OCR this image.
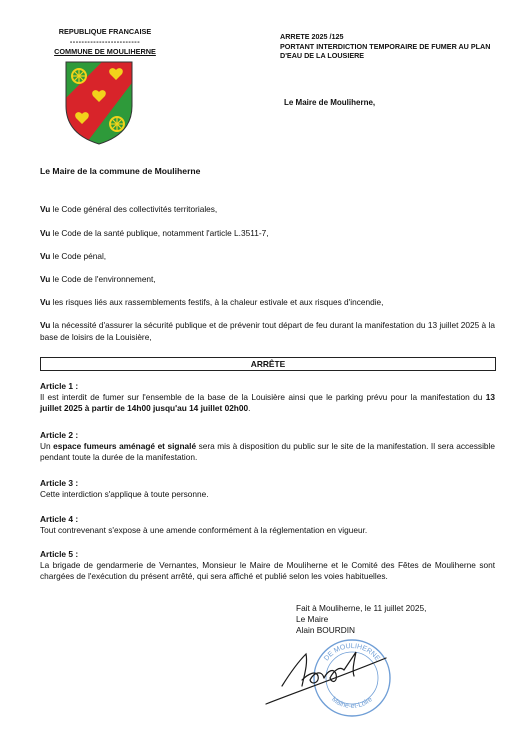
REPUBLIQUE FRANCAISE
------------------------
COMMUNE DE MOULIHERNE
ARRETE 2025 /125
PORTANT INTERDICTION TEMPORAIRE DE FUMER AU PLAN D'EAU DE LA LOUSIERE
Le Maire de Mouliherne,
Le Maire de la commune de Mouliherne
Vu le Code général des collectivités territoriales,
Vu le Code de la santé publique, notamment l'article L.3511-7,
Vu le Code pénal,
Vu le Code de l'environnement,
Vu les risques liés aux rassemblements festifs, à la chaleur estivale et aux risques d'incendie,
Vu la nécessité d'assurer la sécurité publique et de prévenir tout départ de feu durant la manifestation du 13 juillet 2025 à la base de loisirs de la Louisière,
ARRÊTE
Article 1 :
Il est interdit de fumer sur l'ensemble de la base de la Louisière ainsi que le parking prévu pour la manifestation du 13 juillet 2025 à partir de 14h00 jusqu'au 14 juillet 02h00.
Article 2 :
Un espace fumeurs aménagé et signalé sera mis à disposition du public sur le site de la manifestation. Il sera accessible pendant toute la durée de la manifestation.
Article 3 :
Cette interdiction s'applique à toute personne.
Article 4 :
Tout contrevenant s'expose à une amende conformément à la réglementation en vigueur.
Article 5 :
La brigade de gendarmerie de Vernantes, Monsieur le Maire de Mouliherne et le Comité des Fêtes de Mouliherne sont chargées de l'exécution du présent arrêté, qui sera affiché et publié selon les voies habituelles.
Fait à Mouliherne, le 11 juillet 2025,
Le Maire
Alain BOURDIN
DE MOULIHERNE
Maine-et-Loire
